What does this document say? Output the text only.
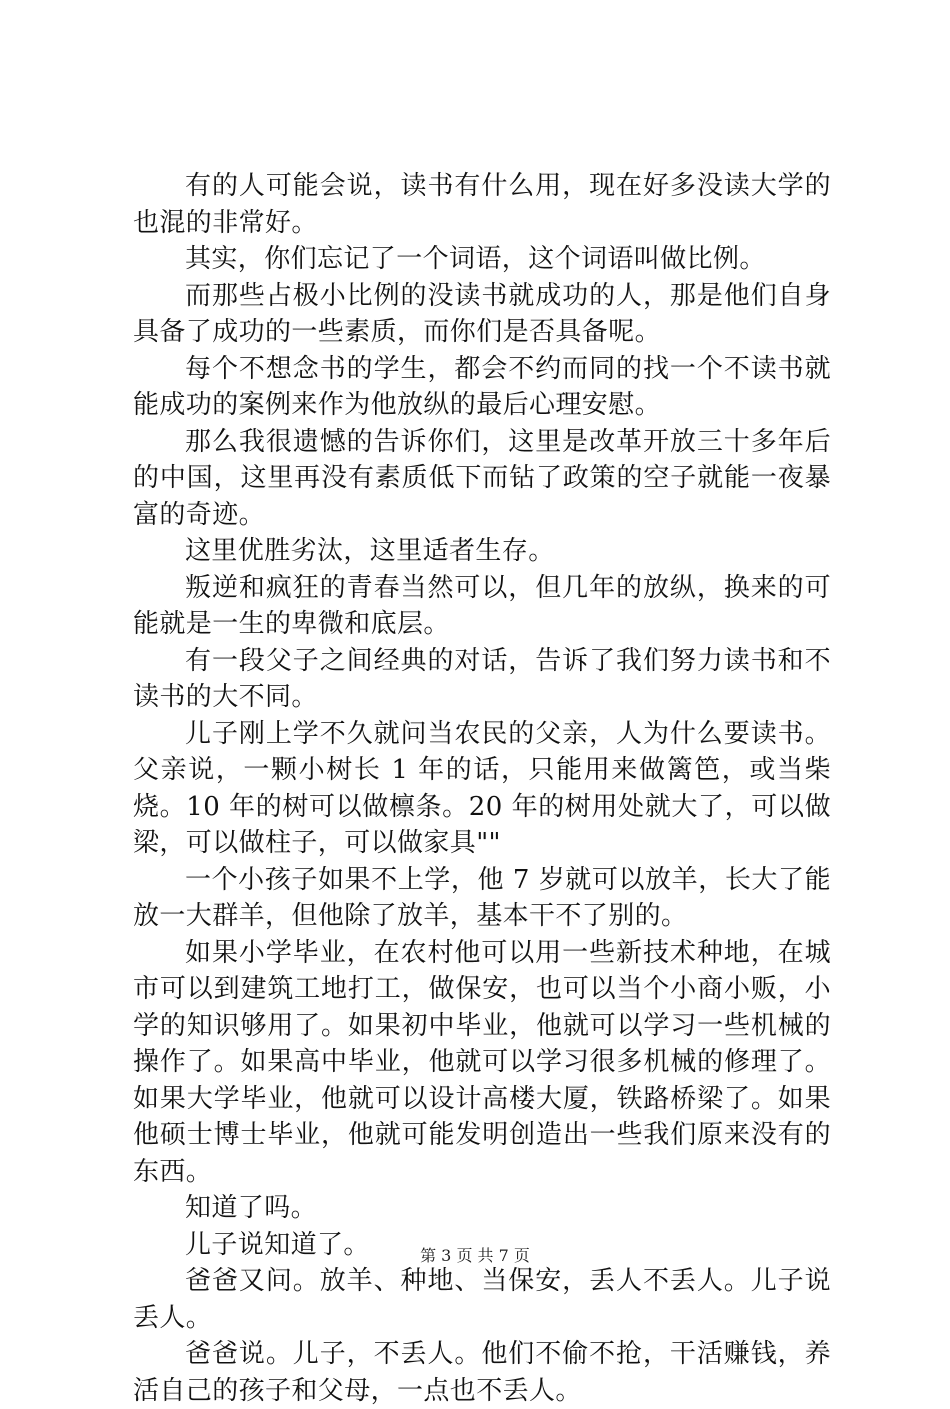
有的人可能会说，读书有什么用，现在好多没读大学的也混的非常好。

其实，你们忘记了一个词语，这个词语叫做比例。

而那些占极小比例的没读书就成功的人，那是他们自身具备了成功的一些素质，而你们是否具备呢。

每个不想念书的学生，都会不约而同的找一个不读书就能成功的案例来作为他放纵的最后心理安慰。

那么我很遗憾的告诉你们，这里是改革开放三十多年后的中国，这里再没有素质低下而钻了政策的空子就能一夜暴富的奇迹。

这里优胜劣汰，这里适者生存。

叛逆和疯狂的青春当然可以，但几年的放纵，换来的可能就是一生的卑微和底层。

有一段父子之间经典的对话，告诉了我们努力读书和不读书的大不同。

儿子刚上学不久就问当农民的父亲，人为什么要读书。父亲说，一颗小树长 1 年的话，只能用来做篱笆，或当柴烧。10 年的树可以做檩条。20 年的树用处就大了，可以做梁，可以做柱子，可以做家具""

一个小孩子如果不上学，他 7 岁就可以放羊，长大了能放一大群羊，但他除了放羊，基本干不了别的。

如果小学毕业，在农村他可以用一些新技术种地，在城市可以到建筑工地打工，做保安，也可以当个小商小贩，小学的知识够用了。如果初中毕业，他就可以学习一些机械的操作了。如果高中毕业，他就可以学习很多机械的修理了。如果大学毕业，他就可以设计高楼大厦，铁路桥梁了。如果他硕士博士毕业，他就可能发明创造出一些我们原来没有的东西。

知道了吗。

儿子说知道了。

爸爸又问。放羊、种地、当保安，丢人不丢人。儿子说丢人。

爸爸说。儿子，不丢人。他们不偷不抢，干活赚钱，养活自己的孩子和父母，一点也不丢人。

第 3 页 共 7 页
